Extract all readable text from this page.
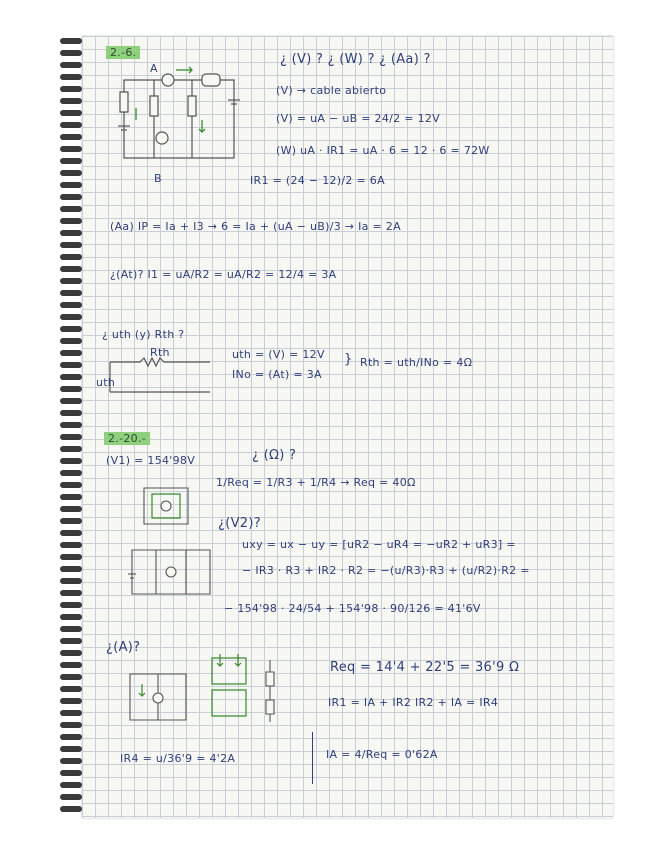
2.-6.	¿ (V) ? ¿ (W) ? ¿ (Aa) ?
A
B
(V) → cable abierto
(V) = uA − uB = 24/2 = 12V
(W) uA · IR1 = uA · 6 = 12 · 6 = 72W
IR1 = (24 − 12)/2 = 6A
(Aa) IP = Ia + I3 → 6 = Ia + (uA − uB)/3 → Ia = 2A
¿(At)? I1 = uA/R2 = uA/R2 = 12/4 = 3A
¿ uth (y) Rth ?
Rth
uth
uth = (V) = 12V
INo = (At) = 3A
} Rth = uth/INo = 4Ω
2.-20.-
(V1) = 154'98V	¿ (Ω) ?
1/Req = 1/R3 + 1/R4 → Req = 40Ω
¿(V2)?
uxy = ux − uy = [uR2 − uR4 = −uR2 + uR3] =
− IR3 · R3 + IR2 · R2 = −(u/R3)·R3 + (u/R2)·R2 =
− 154'98 · 24/54 + 154'98 · 90/126 = 41'6V
¿(A)?
Req = 14'4 + 22'5 = 36'9 Ω
IR1 = IA + IR2 IR2 + IA = IR4
IR4 = u/36'9 = 4'2A	IA = 4/Req = 0'62A
